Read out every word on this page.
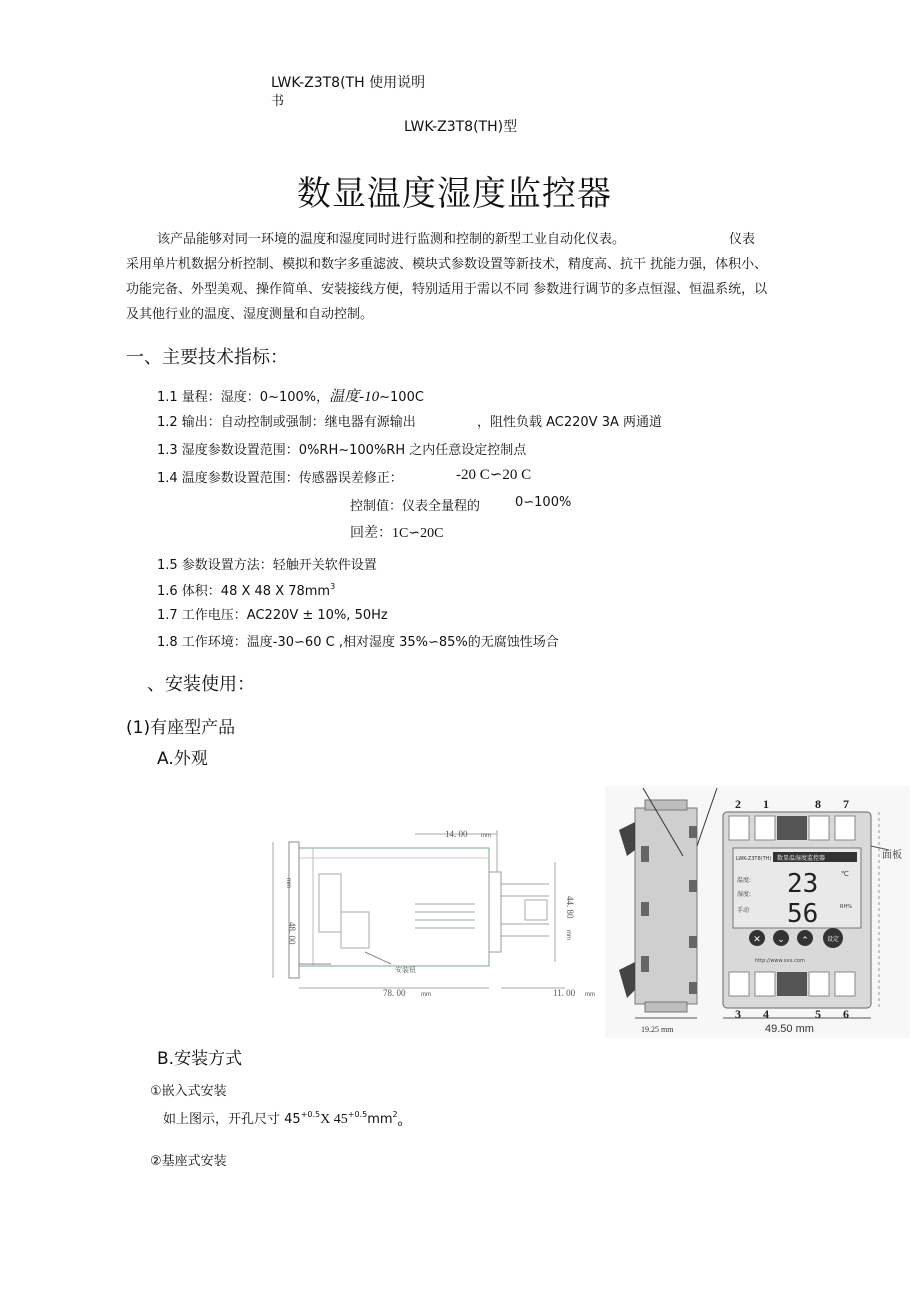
LWK-Z3T8(TH 使用说明
书
LWK-Z3T8(TH)型
数显温度湿度监控器
该产品能够对同一环境的温度和湿度同时进行监测和控制的新型工业自动化仪表。	仪表
采用单片机数据分析控制、模拟和数字多重滤波、模块式参数设置等新技术，精度高、抗干 扰能力强，体积小、
功能完备、外型美观、操作简单、安装接线方便，特别适用于需以不同 参数进行调节的多点恒湿、恒温系统，以
及其他行业的温度、湿度测量和自动控制。
一、主要技术指标：
1.1 量程：湿度：0~100%，温度-10~100C
1.2 输出：自动控制或强制：继电器有源输出	，阻性负载 AC220V 3A 两通道
1.3 湿度参数设置范围：0%RH~100%RH 之内任意设定控制点
1.4 温度参数设置范围：传感器误差修正：	-20 C∽20 C
控制值：仪表全量程的	0∽100%
回差：1C∽20C
1.5 参数设置方法：轻触开关软件设置
1.6 体积：48 X 48 X $78mm^3$
1.7 工作电压：AC220V ± 10%, 50Hz
1.8 工作环境：温度-30∽60 C ,相对湿度 35%∽85%的无腐蚀性场合
、安装使用：
(1)有座型产品
A.外观
14. 00 mm
48. 00
mm
44. 80
mm
78. 00	mm	11. 00 mm
安装钮
✕ ⌄ ⌃
2 1	8 7
3 4	5 6
19.25 mm	49.50 mm
面板
LWK-Z3T8(TH) 数显温湿度监控器
温度:
湿度:
手动
23
56
℃
RH%
设定
http://www.xxx.com
B.安装方式
①嵌入式安装
如上图示，开孔尺寸 $45^{+0.5}X$ $45^{+0.5}mm^2_o$
②基座式安装
